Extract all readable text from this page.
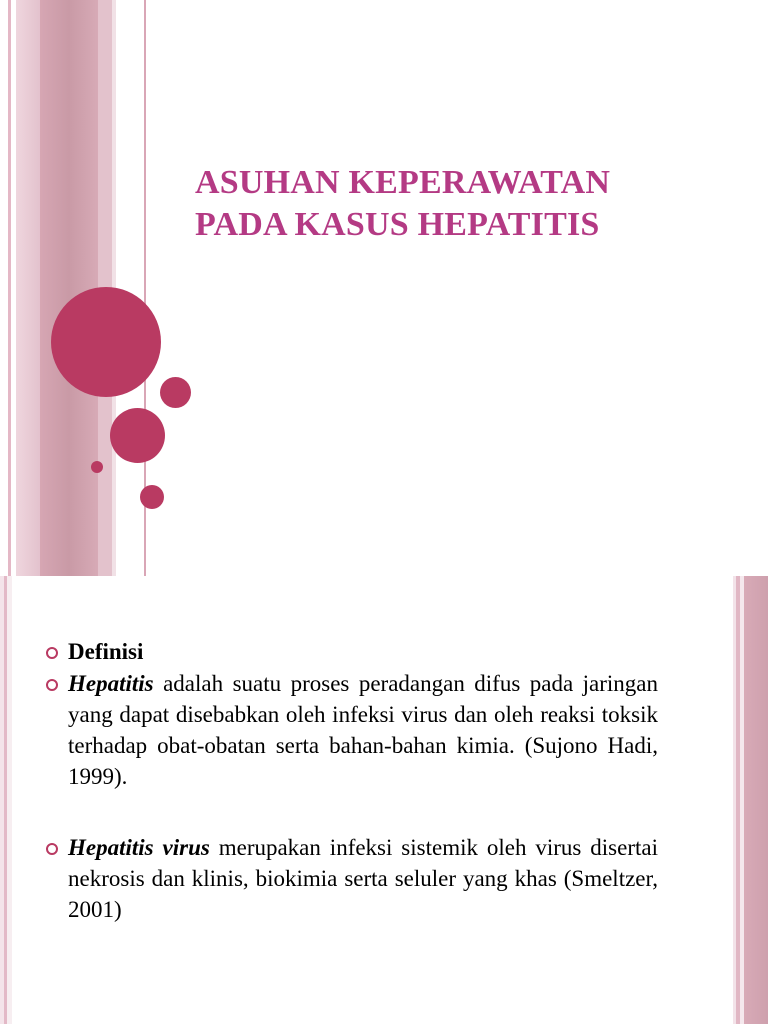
ASUHAN KEPERAWATAN
PADA KASUS HEPATITIS
Definisi
Hepatitis adalah suatu proses peradangan difus pada jaringan yang dapat disebabkan oleh infeksi virus dan oleh reaksi toksik terhadap obat-obatan serta bahan-bahan kimia. (Sujono Hadi, 1999).
Hepatitis virus merupakan infeksi sistemik oleh virus disertai nekrosis dan klinis, biokimia serta seluler yang khas (Smeltzer, 2001)
